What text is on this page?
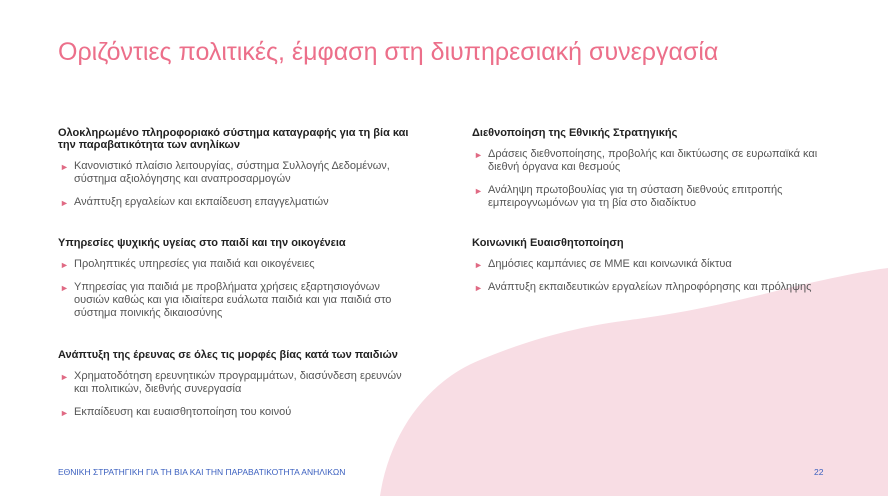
Οριζόντιες πολιτικές, έμφαση στη διυπηρεσιακή συνεργασία
Ολοκληρωμένο πληροφοριακό σύστημα καταγραφής για τη βία και την παραβατικότητα των ανηλίκων
► Κανονιστικό πλαίσιο λειτουργίας, σύστημα Συλλογής Δεδομένων, σύστημα αξιολόγησης και αναπροσαρμογών
► Ανάπτυξη εργαλείων και εκπαίδευση επαγγελματιών
Υπηρεσίες ψυχικής υγείας στο παιδί και την οικογένεια
► Προληπτικές υπηρεσίες για παιδιά και οικογένειες
► Υπηρεσίας για παιδιά με προβλήματα χρήσεις εξαρτησιογόνων ουσιών καθώς και για ιδιαίτερα ευάλωτα παιδιά και για παιδιά στο σύστημα ποινικής δικαιοσύνης
Ανάπτυξη της έρευνας σε όλες τις μορφές βίας κατά των παιδιών
► Χρηματοδότηση ερευνητικών προγραμμάτων, διασύνδεση ερευνών και πολιτικών, διεθνής συνεργασία
► Εκπαίδευση και ευαισθητοποίηση του κοινού
Διεθνοποίηση της Εθνικής Στρατηγικής
► Δράσεις διεθνοποίησης, προβολής και δικτύωσης σε ευρωπαϊκά και διεθνή όργανα και θεσμούς
► Ανάληψη πρωτοβουλίας για τη σύσταση διεθνούς επιτροπής εμπειρογνωμόνων για τη βία στο διαδίκτυο
Κοινωνική Ευαισθητοποίηση
► Δημόσιες καμπάνιες σε ΜΜΕ και κοινωνικά δίκτυα
► Ανάπτυξη εκπαιδευτικών εργαλείων πληροφόρησης και πρόληψης
ΕΘΝΙΚΗ ΣΤΡΑΤΗΓΙΚΗ ΓΙΑ ΤΗ ΒΙΑ ΚΑΙ ΤΗΝ ΠΑΡΑΒΑΤΙΚΟΤΗΤΑ ΑΝΗΛΙΚΩΝ	22
